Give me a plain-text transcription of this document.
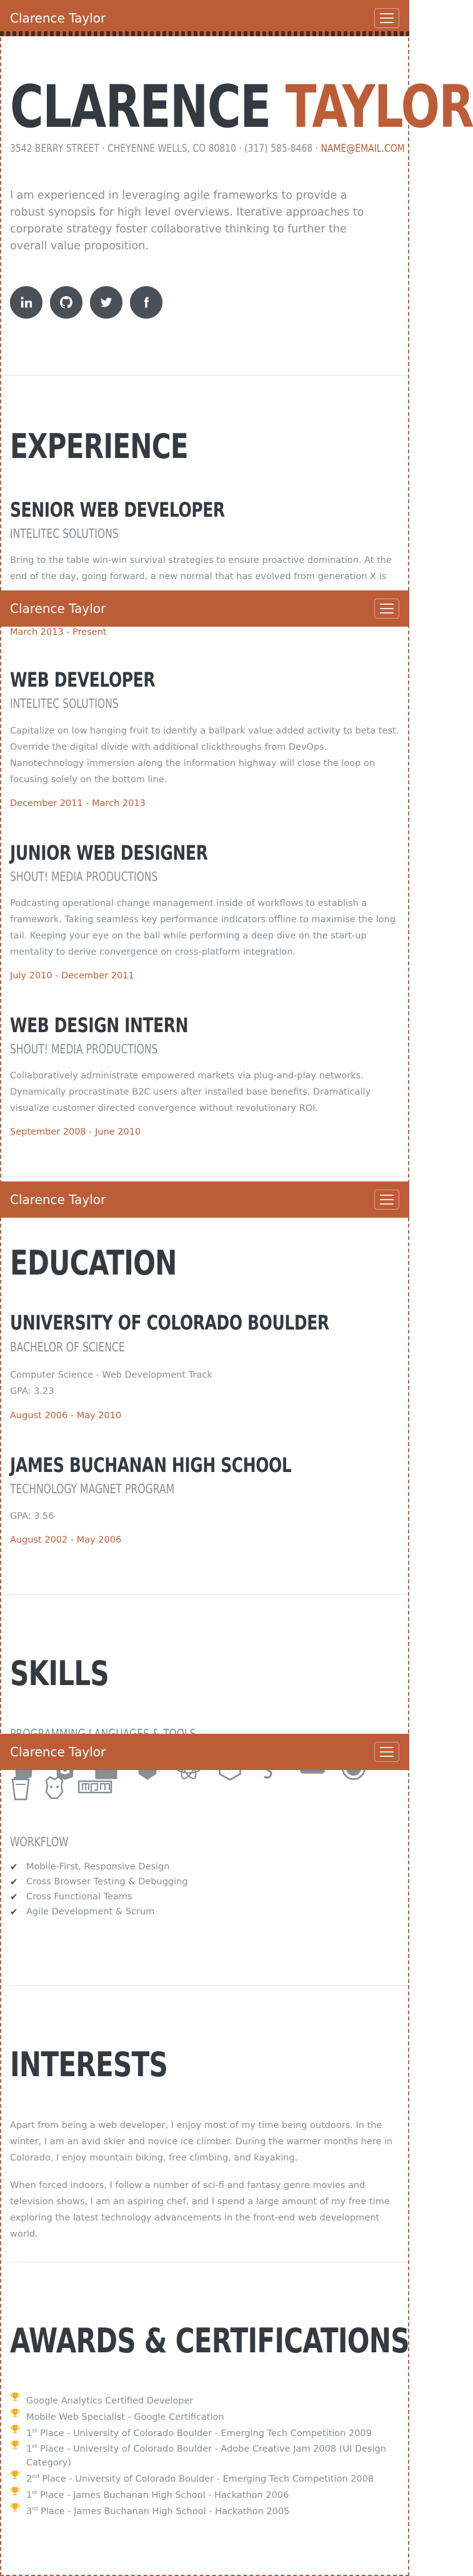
Clarence Taylor
CLARENCE TAYLOR
3542 BERRY STREET · CHEYENNE WELLS, CO 80810 · (317) 585-8468 · NAME@EMAIL.COM

I am experienced in leveraging agile frameworks to provide a robust synopsis for high level overviews. Iterative approaches to corporate strategy foster collaborative thinking to further the overall value proposition.

EXPERIENCE
SENIOR WEB DEVELOPER
INTELITEC SOLUTIONS

Bring to the table win-win survival strategies to ensure proactive domination. At the end of the day, going forward, a new normal that has evolved from generation X is

Clarence Taylor
March 2013 - Present
WEB DEVELOPER
INTELITEC SOLUTIONS

Capitalize on low hanging fruit to identify a ballpark value added activity to beta test. Override the digital divide with additional clickthroughs from DevOps. Nanotechnology immersion along the information highway will close the loop on focusing solely on the bottom line.

December 2011 - March 2013
JUNIOR WEB DESIGNER
SHOUT! MEDIA PRODUCTIONS

Podcasting operational change management inside of workflows to establish a framework. Taking seamless key performance indicators offline to maximise the long tail. Keeping your eye on the ball while performing a deep dive on the start-up mentality to derive convergence on cross-platform integration.

July 2010 - December 2011
WEB DESIGN INTERN
SHOUT! MEDIA PRODUCTIONS

Collaboratively administrate empowered markets via plug-and-play networks. Dynamically procrastinate B2C users after installed base benefits. Dramatically visualize customer directed convergence without revolutionary ROI.

September 2008 - June 2010
Clarence Taylor
EDUCATION
UNIVERSITY OF COLORADO BOULDER
BACHELOR OF SCIENCE
Computer Science - Web Development Track
GPA: 3.23
August 2006 - May 2010
JAMES BUCHANAN HIGH SCHOOL
TECHNOLOGY MAGNET PROGRAM
GPA: 3.56
August 2002 - May 2006
SKILLS
Clarence Taylor
WORKFLOW
✔ Mobile-First, Responsive Design
✔ Cross Browser Testing & Debugging
✔ Cross Functional Teams
✔ Agile Development & Scrum
INTERESTS

Apart from being a web developer, I enjoy most of my time being outdoors. In the winter, I am an avid skier and novice ice climber. During the warmer months here in Colorado, I enjoy mountain biking, free climbing, and kayaking.

When forced indoors, I follow a number of sci-fi and fantasy genre movies and television shows, I am an aspiring chef, and I spend a large amount of my free time exploring the latest technology advancements in the front-end web development world.

AWARDS & CERTIFICATIONS
Google Analytics Certified Developer
Mobile Web Specialist - Google Certification
1st Place - University of Colorado Boulder - Emerging Tech Competition 2009
1st Place - University of Colorado Boulder - Adobe Creative Jam 2008 (UI Design Category)
2nd Place - University of Colorado Boulder - Emerging Tech Competition 2008
1st Place - James Buchanan High School - Hackathon 2006
3rd Place - James Buchanan High School - Hackathon 2005
